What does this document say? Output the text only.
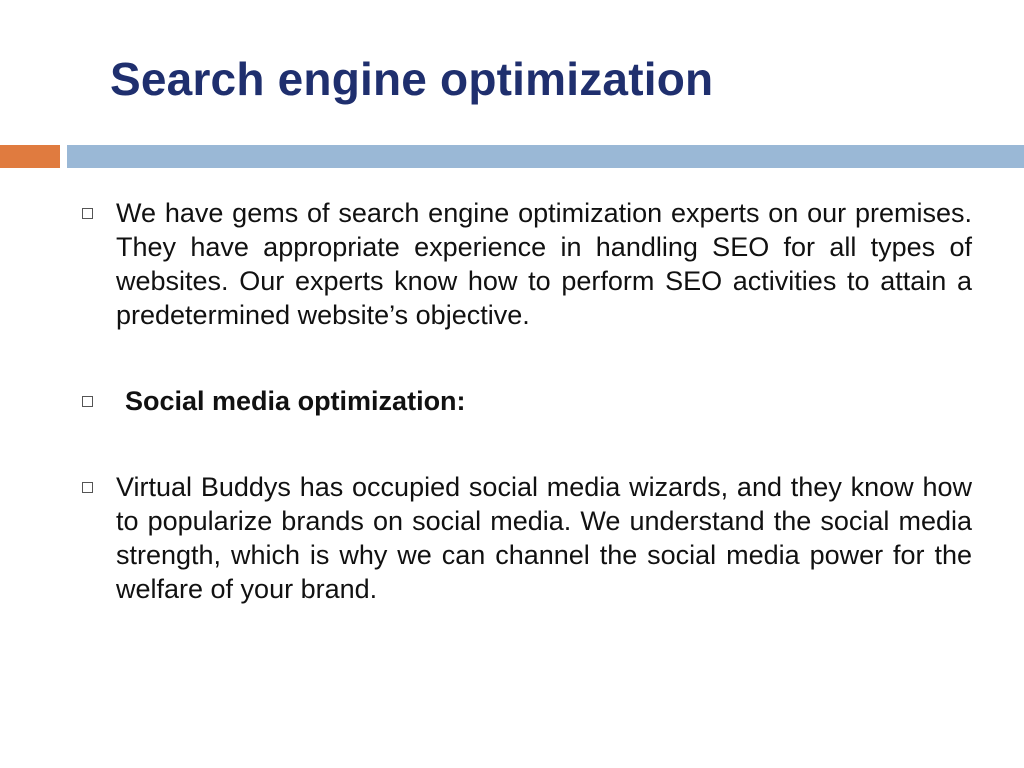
Search engine optimization
We have gems of search engine optimization experts on our premises. They have appropriate experience in handling SEO for all types of websites. Our experts know how to perform SEO activities to attain a predetermined website’s objective.
Social media optimization:
Virtual Buddys has occupied social media wizards, and they know how to popularize brands on social media. We understand the social media strength, which is why we can channel the social media power for the welfare of your brand.
